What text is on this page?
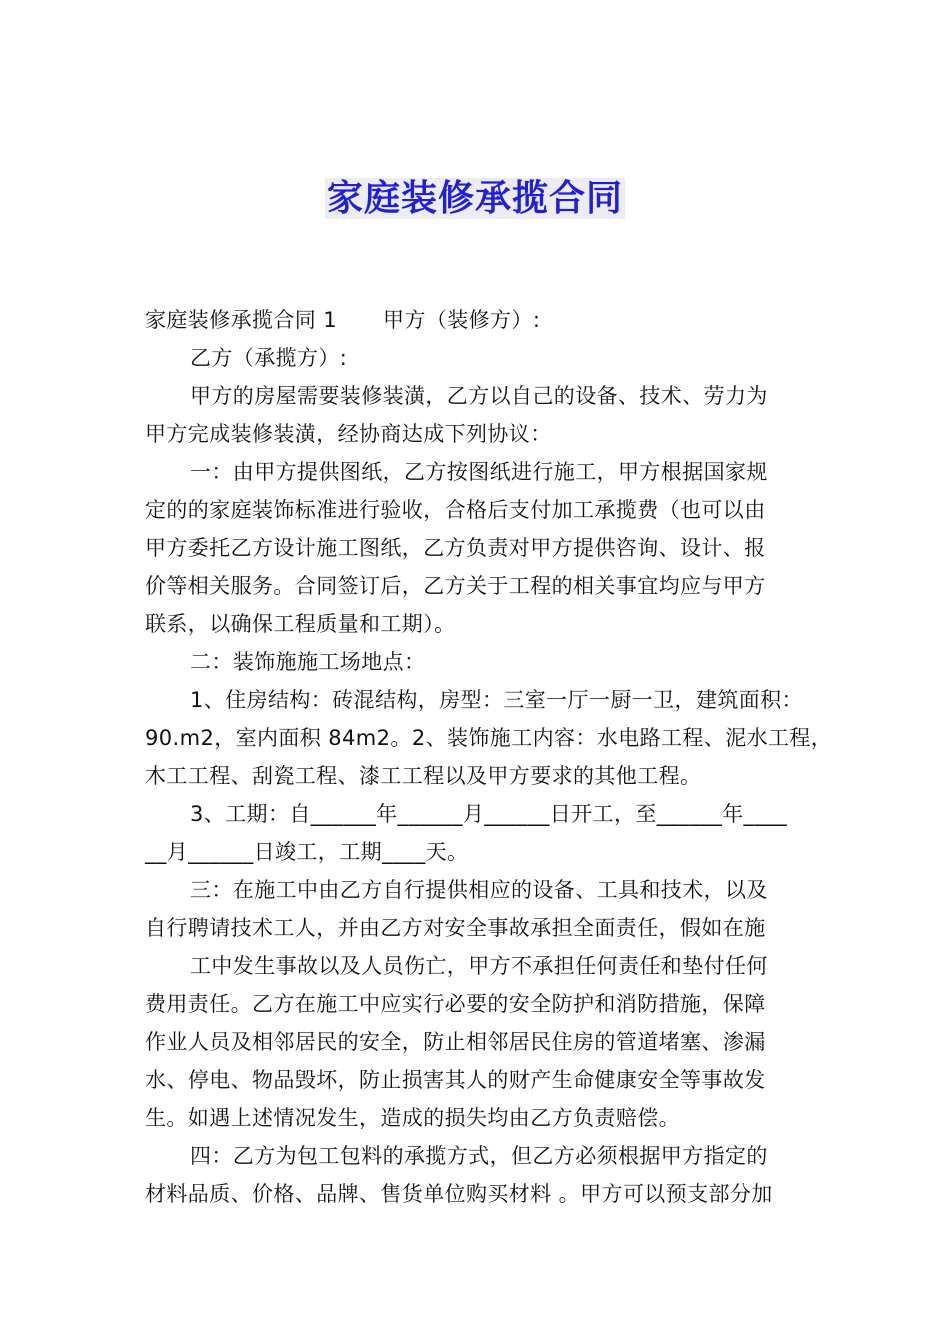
家庭装修承揽合同
家庭装修承揽合同 1 甲方（装修方）:
乙方（承揽方）:
甲方的房屋需要装修装潢，乙方以自己的设备、技术、劳力为
甲方完成装修装潢，经协商达成下列协议：
一：由甲方提供图纸，乙方按图纸进行施工，甲方根据国家规
定的的家庭装饰标准进行验收，合格后支付加工承揽费（也可以由
甲方委托乙方设计施工图纸，乙方负责对甲方提供咨询、设计、报
价等相关服务。合同签订后，乙方关于工程的相关事宜均应与甲方
联系，以确保工程质量和工期）。
二：装饰施施工场地点：
1、住房结构：砖混结构，房型：三室一厅一厨一卫，建筑面积：
90.m2，室内面积 84m2。2、装饰施工内容：水电路工程、泥水工程，
木工工程、刮瓷工程、漆工工程以及甲方要求的其他工程。
3、工期：自______年______月______日开工，至______年____
__月______日竣工，工期____天。
三：在施工中由乙方自行提供相应的设备、工具和技术，以及
自行聘请技术工人，并由乙方对安全事故承担全面责任，假如在施
工中发生事故以及人员伤亡，甲方不承担任何责任和垫付任何
费用责任。乙方在施工中应实行必要的安全防护和消防措施，保障
作业人员及相邻居民的安全，防止相邻居民住房的管道堵塞、渗漏
水、停电、物品毁坏，防止损害其人的财产生命健康安全等事故发
生。如遇上述情况发生，造成的损失均由乙方负责赔偿。
四：乙方为包工包料的承揽方式，但乙方必须根据甲方指定的
材料品质、价格、品牌、售货单位购买材料 。甲方可以预支部分加
